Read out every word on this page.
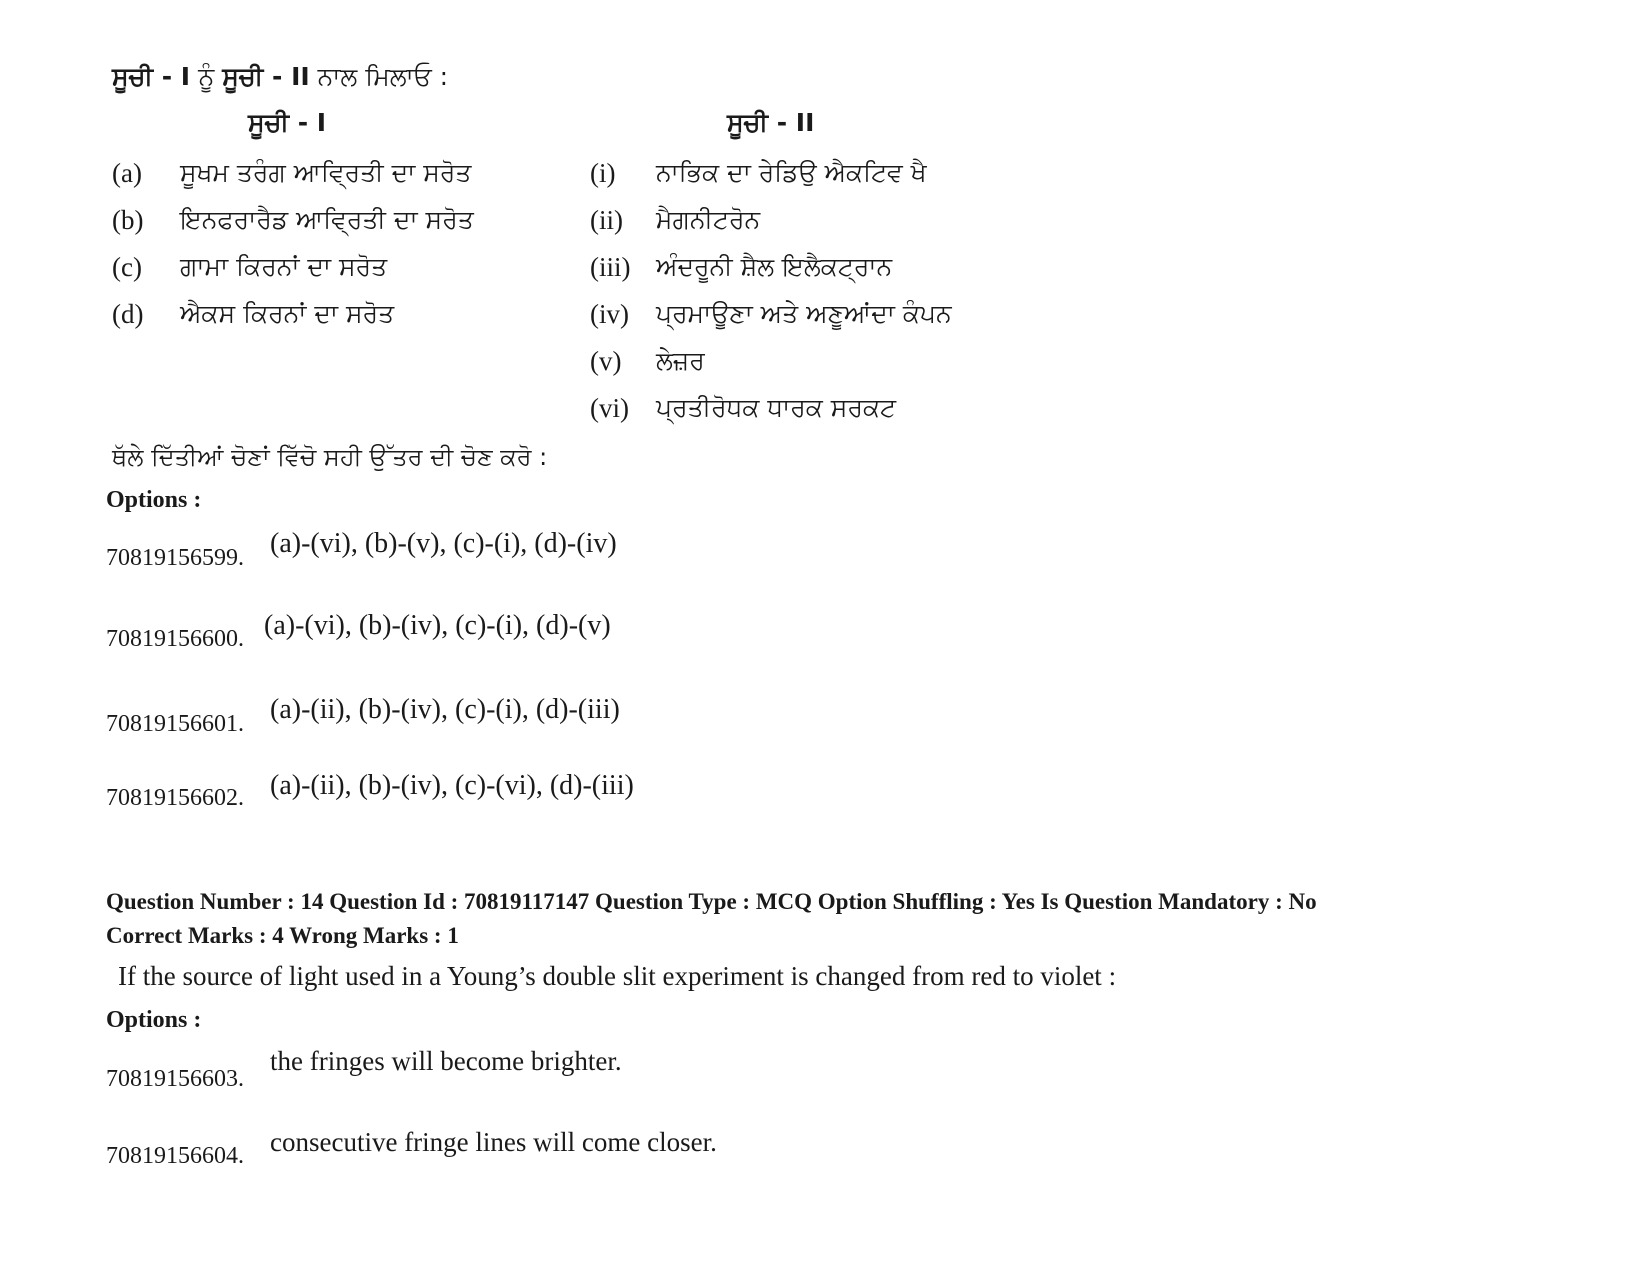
ਸੂਚੀ - I ਨੂੰ ਸੂਚੀ - II ਨਾਲ ਮਿਲਾਓ :
ਸੂਚੀ - I	ਸੂਚੀ - II
(a) ਸੂਖਮ ਤਰੰਗ ਆਵ੍ਰਿਤੀ ਦਾ ਸਰੋਤ
(b) ਇਨਫਰਾਰੈਡ ਆਵ੍ਰਿਤੀ ਦਾ ਸਰੋਤ
(c) ਗਾਮਾ ਕਿਰਨਾਂ ਦਾ ਸਰੋਤ
(d) ਐਕਸ ਕਿਰਨਾਂ ਦਾ ਸਰੋਤ
(i) ਨਾਭਿਕ ਦਾ ਰੇਡਿਉ ਐਕਟਿਵ ਖੈ
(ii) ਮੈਗਨੀਟਰੋਨ
(iii) ਅੰਦਰੂਨੀ ਸ਼ੈਲ ਇਲੈਕਟ੍ਰਾਨ
(iv) ਪ੍ਰਮਾਊਣਾ ਅਤੇ ਅਣੂਆਂਦਾ ਕੰਪਨ
(v) ਲੇਜ਼ਰ
(vi) ਪ੍ਰਤੀਰੋਧਕ ਧਾਰਕ ਸਰਕਟ
ਥੱਲੇ ਦਿੱਤੀਆਂ ਚੋਣਾਂ ਵਿੱਚੋ ਸਹੀ ਉੱਤਰ ਦੀ ਚੋਣ ਕਰੋ :
Options :
70819156599. (a)-(vi), (b)-(v), (c)-(i), (d)-(iv)
70819156600. (a)-(vi), (b)-(iv), (c)-(i), (d)-(v)
70819156601. (a)-(ii), (b)-(iv), (c)-(i), (d)-(iii)
70819156602. (a)-(ii), (b)-(iv), (c)-(vi), (d)-(iii)
Question Number : 14 Question Id : 70819117147 Question Type : MCQ Option Shuffling : Yes Is Question Mandatory : No
Correct Marks : 4 Wrong Marks : 1
If the source of light used in a Young’s double slit experiment is changed from red to violet :
Options :
70819156603.
the fringes will become brighter.
70819156604. consecutive fringe lines will come closer.
